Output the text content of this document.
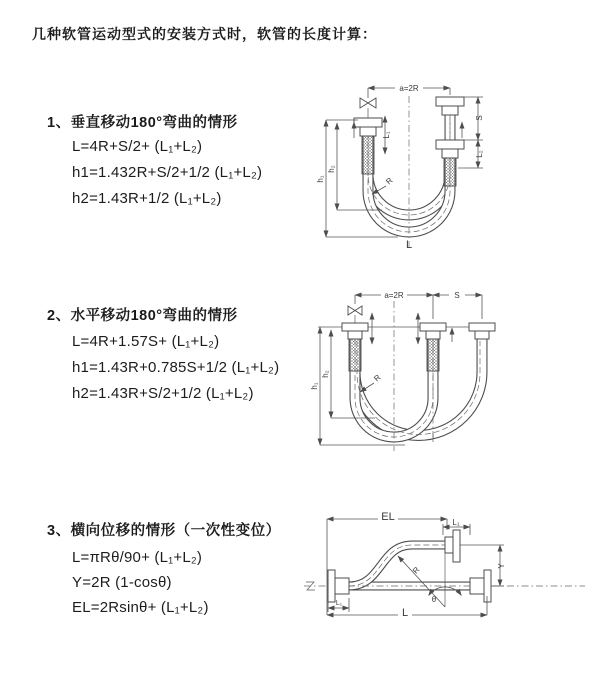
几种软管运动型式的安装方式时，软管的长度计算：
1、垂直移动180°弯曲的情形
L=4R+S/2+ (L₁+L₂)
h1=1.432R+S/2+1/2 (L₁+L₂)
h2=1.43R+1/2 (L₁+L₂)
2、水平移动180°弯曲的情形
L=4R+1.57S+ (L₁+L₂)
h1=1.43R+0.785S+1/2 (L₁+L₂)
h2=1.43R+S/2+1/2 (L₁+L₂)
3、横向位移的情形（一次性变位）
L=πRθ/90+ (L₁+L₂)
Y=2R (1-cosθ)
EL=2Rsinθ+ (L₁+L₂)
a=2R
L₁
S
L₂
h₁
h₂
R
L
a=2R	S
h₁
h₂	R
EL	L₁
Y
R
θ
L₁
L
